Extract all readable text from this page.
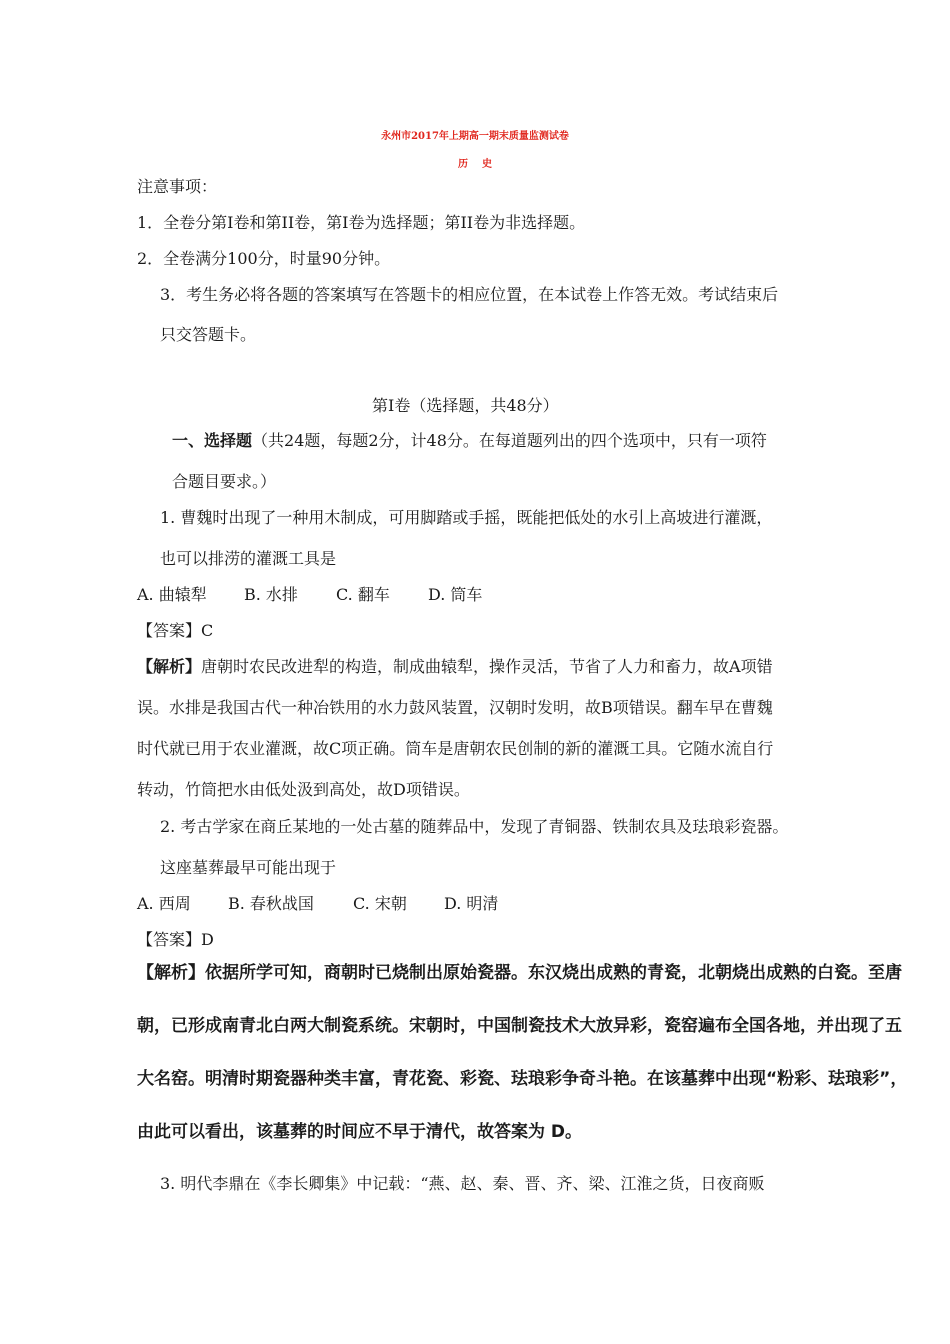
永州市2017年上期高一期末质量监测试卷
历    史
注意事项：
1．全卷分第I卷和第II卷，第I卷为选择题；第II卷为非选择题。
2．全卷满分100分，时量90分钟。
3．考生务必将各题的答案填写在答题卡的相应位置，在本试卷上作答无效。考试结束后
只交答题卡。
第I卷（选择题，共48分）
一、选择题（共24题，每题2分，计48分。在每道题列出的四个选项中，只有一项符
合题目要求。）
1. 曹魏时出现了一种用木制成，可用脚踏或手摇，既能把低处的水引上高坡进行灌溉，
也可以排涝的灌溉工具是
A. 曲辕犁 B. 水排 C. 翻车 D. 筒车
【答案】C
【解析】唐朝时农民改进犁的构造，制成曲辕犁，操作灵活，节省了人力和畜力，故A项错
误。水排是我国古代一种冶铁用的水力鼓风装置，汉朝时发明，故B项错误。翻车早在曹魏
时代就已用于农业灌溉，故C项正确。筒车是唐朝农民创制的新的灌溉工具。它随水流自行
转动，竹筒把水由低处汲到高处，故D项错误。
2. 考古学家在商丘某地的一处古墓的随葬品中，发现了青铜器、铁制农具及珐琅彩瓷器。
这座墓葬最早可能出现于
A. 西周 B. 春秋战国 C. 宋朝 D. 明清
【答案】D
【解析】依据所学可知，商朝时已烧制出原始瓷器。东汉烧出成熟的青瓷，北朝烧出成熟的白瓷。至唐
朝，已形成南青北白两大制瓷系统。宋朝时，中国制瓷技术大放异彩，瓷窑遍布全国各地，并出现了五
大名窑。明清时期瓷器种类丰富，青花瓷、彩瓷、珐琅彩争奇斗艳。在该墓葬中出现“粉彩、珐琅彩”，
由此可以看出，该墓葬的时间应不早于清代，故答案为 D。
3. 明代李鼎在《李长卿集》中记载：“燕、赵、秦、晋、齐、梁、江淮之货，日夜商贩
